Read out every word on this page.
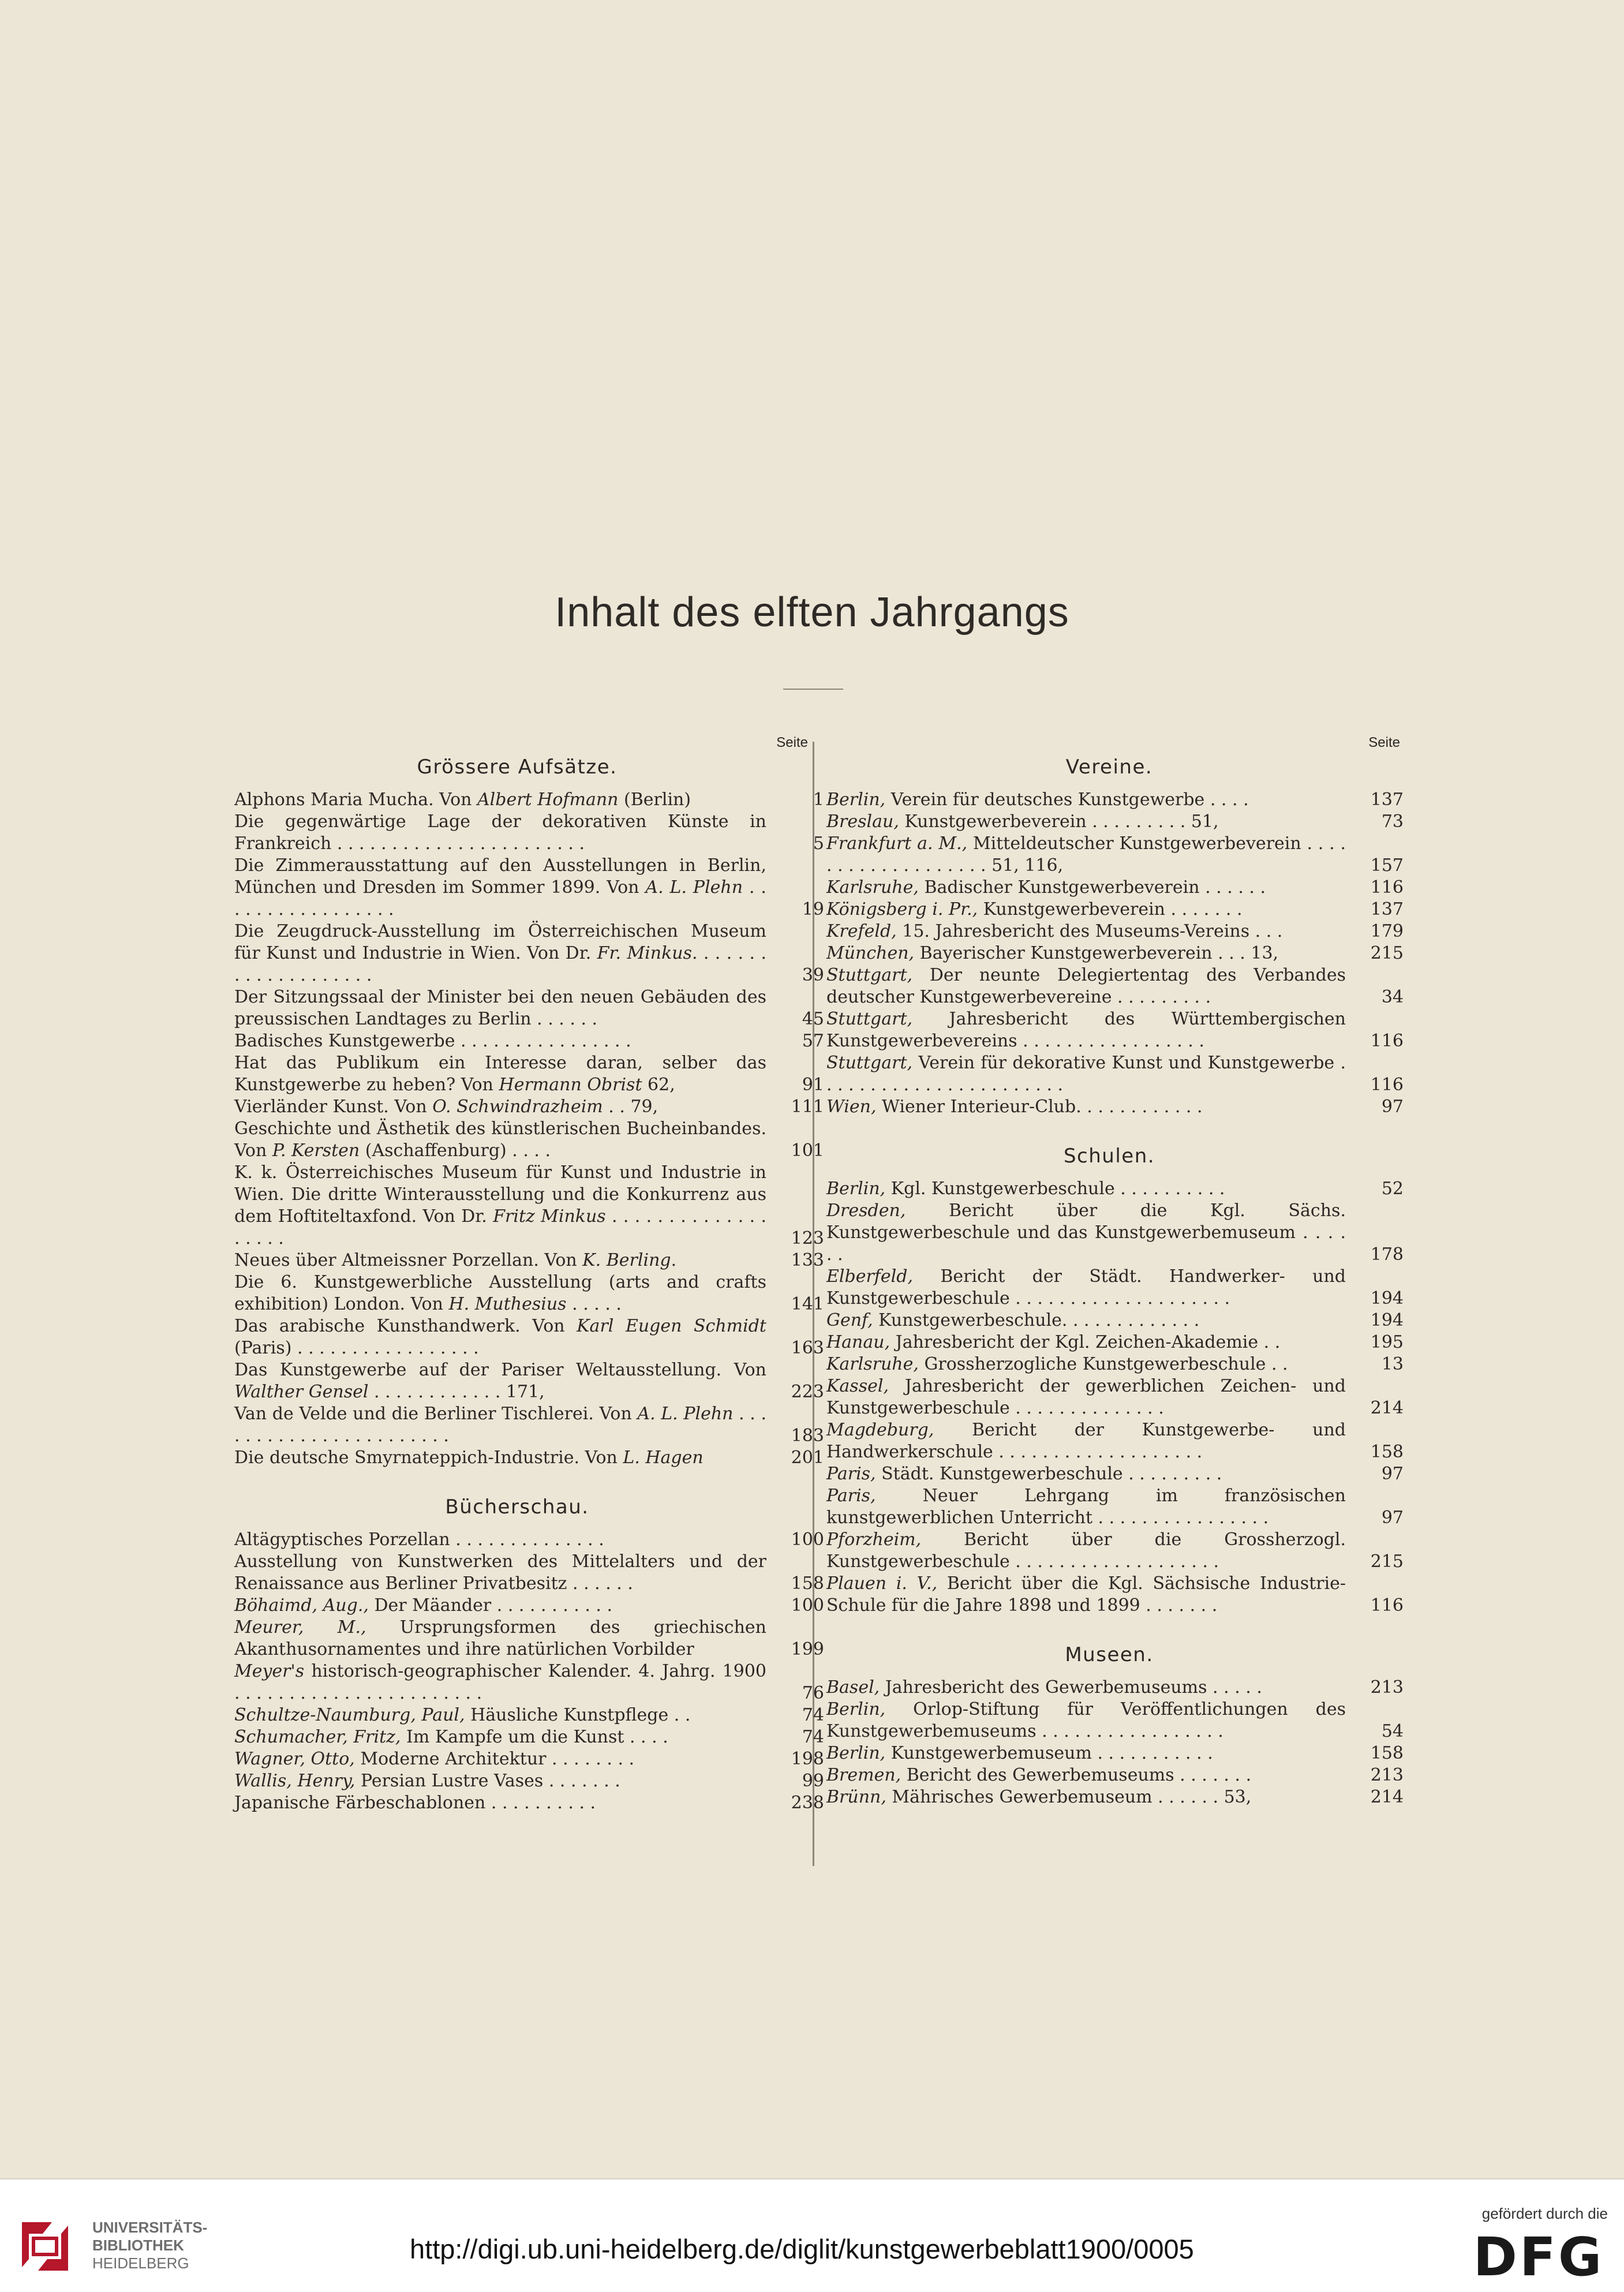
Inhalt des elften Jahrgangs
Seite
Grössere Aufsätze.
Alphons Maria Mucha. Von Albert Hofmann (Berlin)	1
Die gegenwärtige Lage der dekorativen Künste in Frankreich . . . . . . . . . . . . . . . . . . . . . . .	5
Die Zimmerausstattung auf den Ausstellungen in Berlin, München und Dresden im Sommer 1899. Von A. L. Plehn . . . . . . . . . . . . . . . . .	19
Die Zeugdruck-Ausstellung im Österreichischen Museum für Kunst und Industrie in Wien. Von Dr. Fr. Minkus. . . . . . . . . . . . . . . . . . . .	39
Der Sitzungssaal der Minister bei den neuen Gebäuden des preussischen Landtages zu Berlin . . . . . .	45
Badisches Kunstgewerbe . . . . . . . . . . . . . . . .	57
Hat das Publikum ein Interesse daran, selber das Kunstgewerbe zu heben? Von Hermann Obrist 62,	91
Vierländer Kunst. Von O. Schwindrazheim . . 79,	111
Geschichte und Ästhetik des künstlerischen Bucheinbandes. Von P. Kersten (Aschaffenburg) . . . .	101
K. k. Österreichisches Museum für Kunst und Industrie in Wien. Die dritte Winterausstellung und die Konkurrenz aus dem Hoftiteltaxfond. Von Dr. Fritz Minkus . . . . . . . . . . . . . . . . . . .	123
Neues über Altmeissner Porzellan. Von K. Berling.	133
Die 6. Kunstgewerbliche Ausstellung (arts and crafts exhibition) London. Von H. Muthesius . . . . .	141
Das arabische Kunsthandwerk. Von Karl Eugen Schmidt (Paris) . . . . . . . . . . . . . . . . .	163
Das Kunstgewerbe auf der Pariser Weltausstellung. Von Walther Gensel . . . . . . . . . . . . 171,	223
Van de Velde und die Berliner Tischlerei. Von A. L. Plehn . . . . . . . . . . . . . . . . . . . . . . .	183
Die deutsche Smyrnateppich-Industrie. Von L. Hagen	201
Bücherschau.
Altägyptisches Porzellan . . . . . . . . . . . . . .	100
Ausstellung von Kunstwerken des Mittelalters und der Renaissance aus Berliner Privatbesitz . . . . . .	158
Böhaimd, Aug., Der Mäander . . . . . . . . . . .	100
Meurer, M., Ursprungsformen des griechischen Akanthusornamentes und ihre natürlichen Vorbilder	199
Meyer's historisch-geographischer Kalender. 4. Jahrg. 1900 . . . . . . . . . . . . . . . . . . . . . . .	76
Schultze-Naumburg, Paul, Häusliche Kunstpflege . .	74
Schumacher, Fritz, Im Kampfe um die Kunst . . . .	74
Wagner, Otto, Moderne Architektur . . . . . . . .	198
Wallis, Henry, Persian Lustre Vases . . . . . . .	99
Japanische Färbeschablonen . . . . . . . . . .	238
Seite
Vereine.
Berlin, Verein für deutsches Kunstgewerbe . . . .	137
Breslau, Kunstgewerbeverein . . . . . . . . . 51,	73
Frankfurt a. M., Mitteldeutscher Kunstgewerbeverein . . . . . . . . . . . . . . . . . . . 51, 116,	157
Karlsruhe, Badischer Kunstgewerbeverein . . . . . .	116
Königsberg i. Pr., Kunstgewerbeverein . . . . . . .	137
Krefeld, 15. Jahresbericht des Museums-Vereins . . .	179
München, Bayerischer Kunstgewerbeverein . . . 13,	215
Stuttgart, Der neunte Delegiertentag des Verbandes deutscher Kunstgewerbevereine . . . . . . . . .	34
Stuttgart, Jahresbericht des Württembergischen Kunstgewerbevereins . . . . . . . . . . . . . . . . .	116
Stuttgart, Verein für dekorative Kunst und Kunstgewerbe . . . . . . . . . . . . . . . . . . . . . . .	116
Wien, Wiener Interieur-Club. . . . . . . . . . . .	97
Schulen.
Berlin, Kgl. Kunstgewerbeschule . . . . . . . . . .	52
Dresden, Bericht über die Kgl. Sächs. Kunstgewerbeschule und das Kunstgewerbemuseum . . . . . .	178
Elberfeld, Bericht der Städt. Handwerker- und Kunstgewerbeschule . . . . . . . . . . . . . . . . . . . .	194
Genf, Kunstgewerbeschule. . . . . . . . . . . . .	194
Hanau, Jahresbericht der Kgl. Zeichen-Akademie . .	195
Karlsruhe, Grossherzogliche Kunstgewerbeschule . .	13
Kassel, Jahresbericht der gewerblichen Zeichen- und Kunstgewerbeschule . . . . . . . . . . . . . .	214
Magdeburg, Bericht der Kunstgewerbe- und Handwerkerschule . . . . . . . . . . . . . . . . . . .	158
Paris, Städt. Kunstgewerbeschule . . . . . . . . .	97
Paris, Neuer Lehrgang im französischen kunstgewerblichen Unterricht . . . . . . . . . . . . . . . .	97
Pforzheim, Bericht über die Grossherzogl. Kunstgewerbeschule . . . . . . . . . . . . . . . . . . .	215
Plauen i. V., Bericht über die Kgl. Sächsische Industrie-Schule für die Jahre 1898 und 1899 . . . . . . .	116
Museen.
Basel, Jahresbericht des Gewerbemuseums . . . . .	213
Berlin, Orlop-Stiftung für Veröffentlichungen des Kunstgewerbemuseums . . . . . . . . . . . . . . . . .	54
Berlin, Kunstgewerbemuseum . . . . . . . . . . .	158
Bremen, Bericht des Gewerbemuseums . . . . . . .	213
Brünn, Mährisches Gewerbemuseum . . . . . . 53,	214
UNIVERSITÄTS-
BIBLIOTHEK
HEIDELBERG	http://digi.ub.uni-heidelberg.de/diglit/kunstgewerbeblatt1900/0005
gefördert durch die
DFG
